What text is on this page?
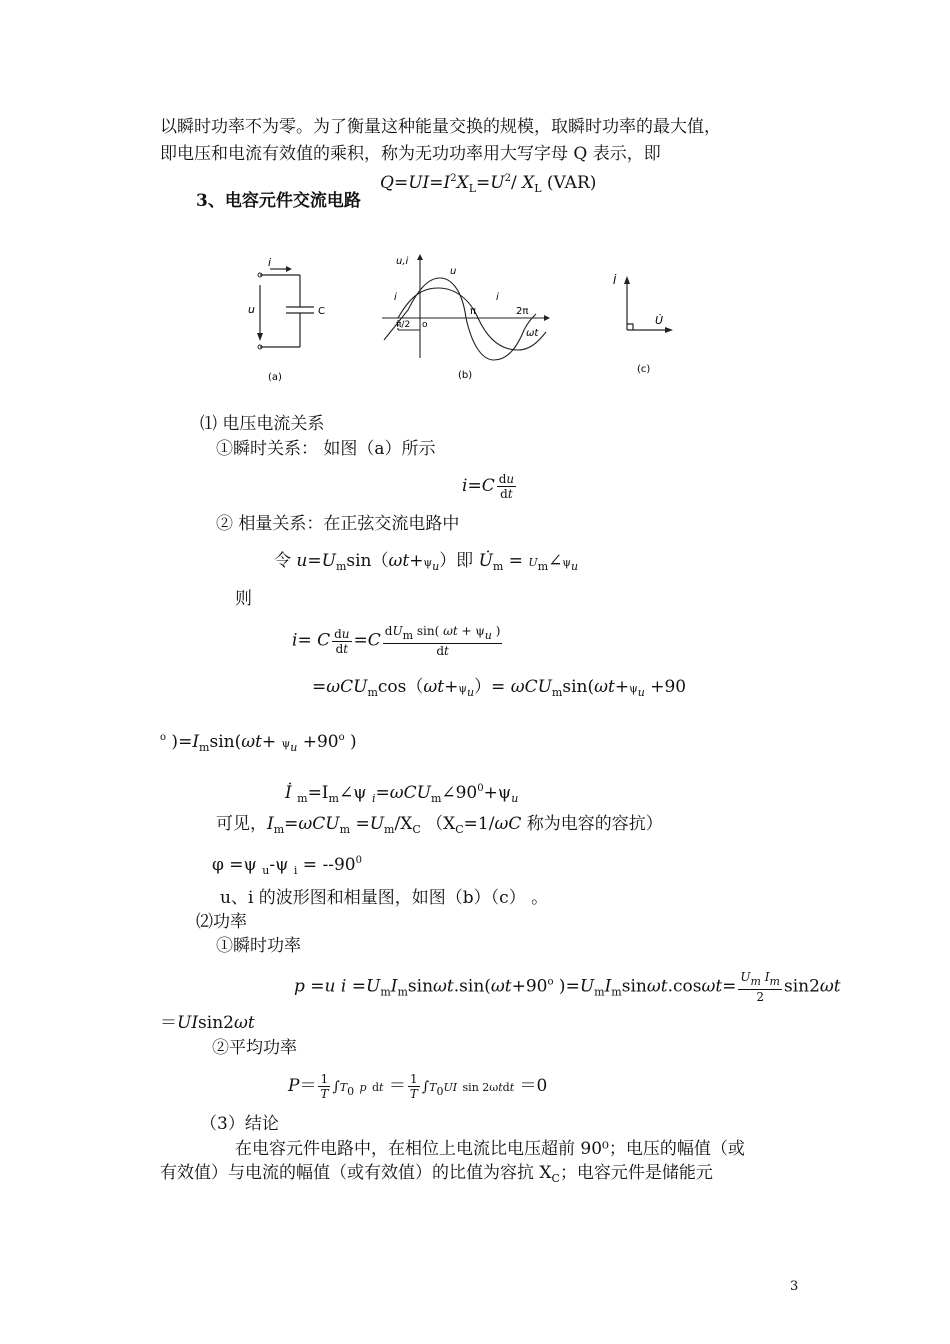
以瞬时功率不为零。为了衡量这种能量交换的规模，取瞬时功率的最大值，
即电压和电流有效值的乘积，称为无功功率用大写字母 Q 表示，即
$Q=UI=I^2X_L=U^2/$ $X_L$ (VAR)
3、电容元件交流电路
i
u	C
(a)
u,i
u
i	i
π/2 o
π	2π
ωt
(b)
İ
U̇
(c)
⑴ 电压电流关系
①瞬时关系： 如图（a）所示
$i=C \frac{du}{dt}$
② 相量关系：在正弦交流电路中
令 $u=U_m\sin(\omega t+\psi_u)$即 $U̇_m$ = $U_m\angle\psi_u$
则
i= C $\frac{du}{dt} =C \frac{dU_m \sin( \omega t + \psi_u )}{dt}$
$=\omega CU_m\cos(\omega t+\psi_u)= \omega CU_m\sin(\omega t+\psi_u +90$
$^o$ )$=I_m\sin(\omega t+ \psi_u +90^o$ )
İ $_m=I_m\angle\psi$ $_i=\omega CU_m\angle 90^0+\psi_u$
可见，$I_m=\omega CU_m =U_m/X_C$ （$X_C=1/\omega C$ 称为电容的容抗）
φ =ψ $_u$-ψ $_i = --90^0$
u、i 的波形图和相量图，如图（b）（c） 。
⑵功率
①瞬时功率
p =u $i =U_mI_m\sin\omega t.\sin(\omega t+90^o$ )$=U_mI_m\sin\omega t.\cos\omega t= \frac{U_m I_m}{2} \sin 2\omega t$
＝UIsin2ωt
②平均功率
$P= \frac{1}{T} \int T_0$ p dt ＝ $\frac{1}{T} \int T_0UI$ sin 2ωtdt ＝0
（3）结论
在电容元件电路中，在相位上电流比电压超前 90⁰；电压的幅值（或
有效值）与电流的幅值（或有效值）的比值为容抗 $X_C$；电容元件是储能元
3
